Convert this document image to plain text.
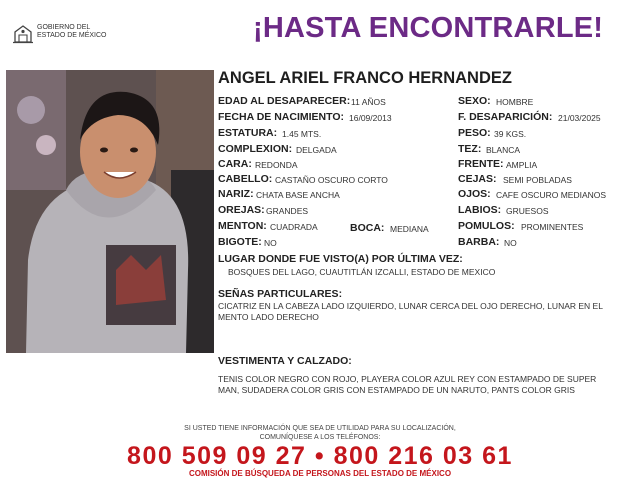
GOBIERNO DEL
ESTADO DE MÉXICO	¡HASTA ENCONTRARLE!
ANGEL ARIEL FRANCO HERNANDEZ
EDAD AL DESAPARECER: 11 AÑOS
FECHA DE NACIMIENTO: 16/09/2013
ESTATURA: 1.45 MTS.
COMPLEXION: DELGADA
CARA: REDONDA
CABELLO: CASTAÑO OSCURO CORTO
NARIZ: CHATA BASE ANCHA
OREJAS: GRANDES
MENTON: CUADRADA	BOCA: MEDIANA
BIGOTE: NO
SEXO: HOMBRE
F. DESAPARICIÓN: 21/03/2025
PESO: 39 KGS.
TEZ: BLANCA
FRENTE: AMPLIA
CEJAS: SEMI POBLADAS
OJOS: CAFE OSCURO MEDIANOS
LABIOS: GRUESOS
POMULOS: PROMINENTES
BARBA: NO
LUGAR DONDE FUE VISTO(A) POR ÚLTIMA VEZ:
BOSQUES DEL LAGO, CUAUTITLÁN IZCALLI, ESTADO DE MEXICO
SEÑAS PARTICULARES:
CICATRIZ EN LA CABEZA LADO IZQUIERDO, LUNAR CERCA DEL OJO DERECHO, LUNAR EN EL MENTO LADO DERECHO
VESTIMENTA Y CALZADO:
TENIS COLOR NEGRO CON ROJO, PLAYERA COLOR AZUL REY CON ESTAMPADO DE SUPER MAN, SUDADERA COLOR GRIS CON ESTAMPADO DE UN NARUTO, PANTS COLOR GRIS
SI USTED TIENE INFORMACIÓN QUE SEA DE UTILIDAD PARA SU LOCALIZACIÓN,
COMUNÍQUESE A LOS TELÉFONOS:
800 509 09 27 • 800 216 03 61
COMISIÓN DE BÚSQUEDA DE PERSONAS DEL ESTADO DE MÉXICO
